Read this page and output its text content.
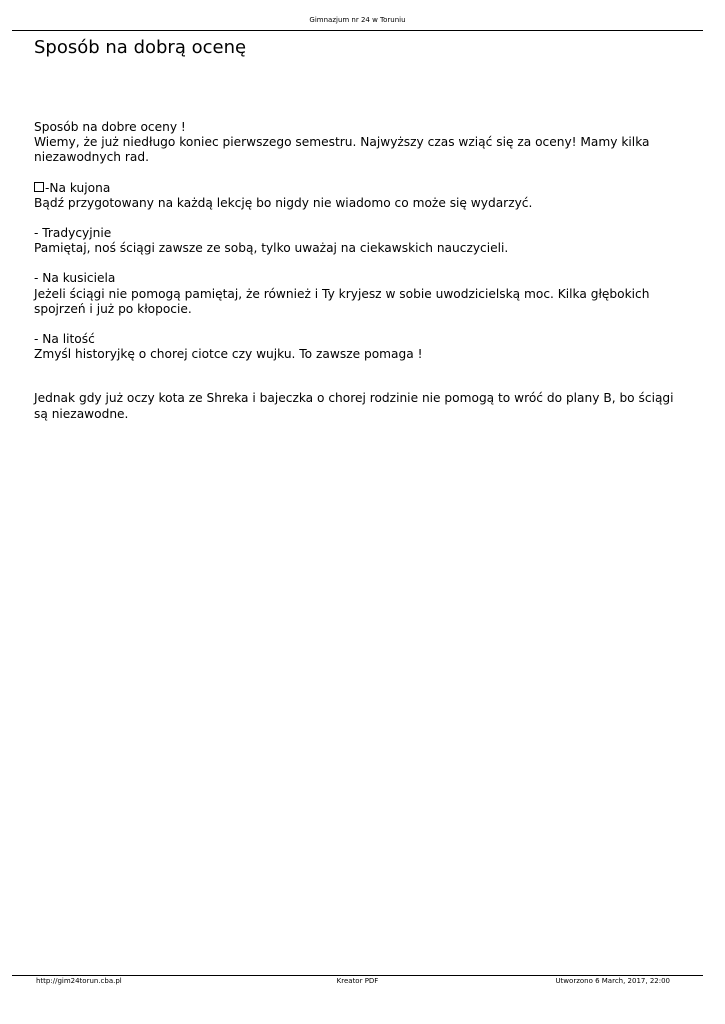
Gimnazjum nr 24 w Toruniu
Sposób na dobrą ocenę

Sposób na dobre oceny !

Wiemy, że już niedługo koniec pierwszego semestru. Najwyższy czas wziąć się za oceny! Mamy kilka niezawodnych rad.

-Na kujona

Bądź przygotowany na każdą lekcję bo nigdy nie wiadomo co może się wydarzyć.

- Tradycyjnie

Pamiętaj, noś ściągi zawsze ze sobą, tylko uważaj na ciekawskich nauczycieli.

- Na kusiciela

Jeżeli ściągi nie pomogą pamiętaj, że również i Ty kryjesz w sobie uwodzicielską moc. Kilka głębokich spojrzeń i już po kłopocie.

- Na litość

Zmyśl historyjkę o chorej ciotce czy wujku. To zawsze pomaga !

Jednak gdy już oczy kota ze Shreka i bajeczka o chorej rodzinie nie pomogą to wróć do plany B, bo ściągi są niezawodne.

http://gim24torun.cba.pl	Kreator PDF	Utworzono 6 March, 2017, 22:00
